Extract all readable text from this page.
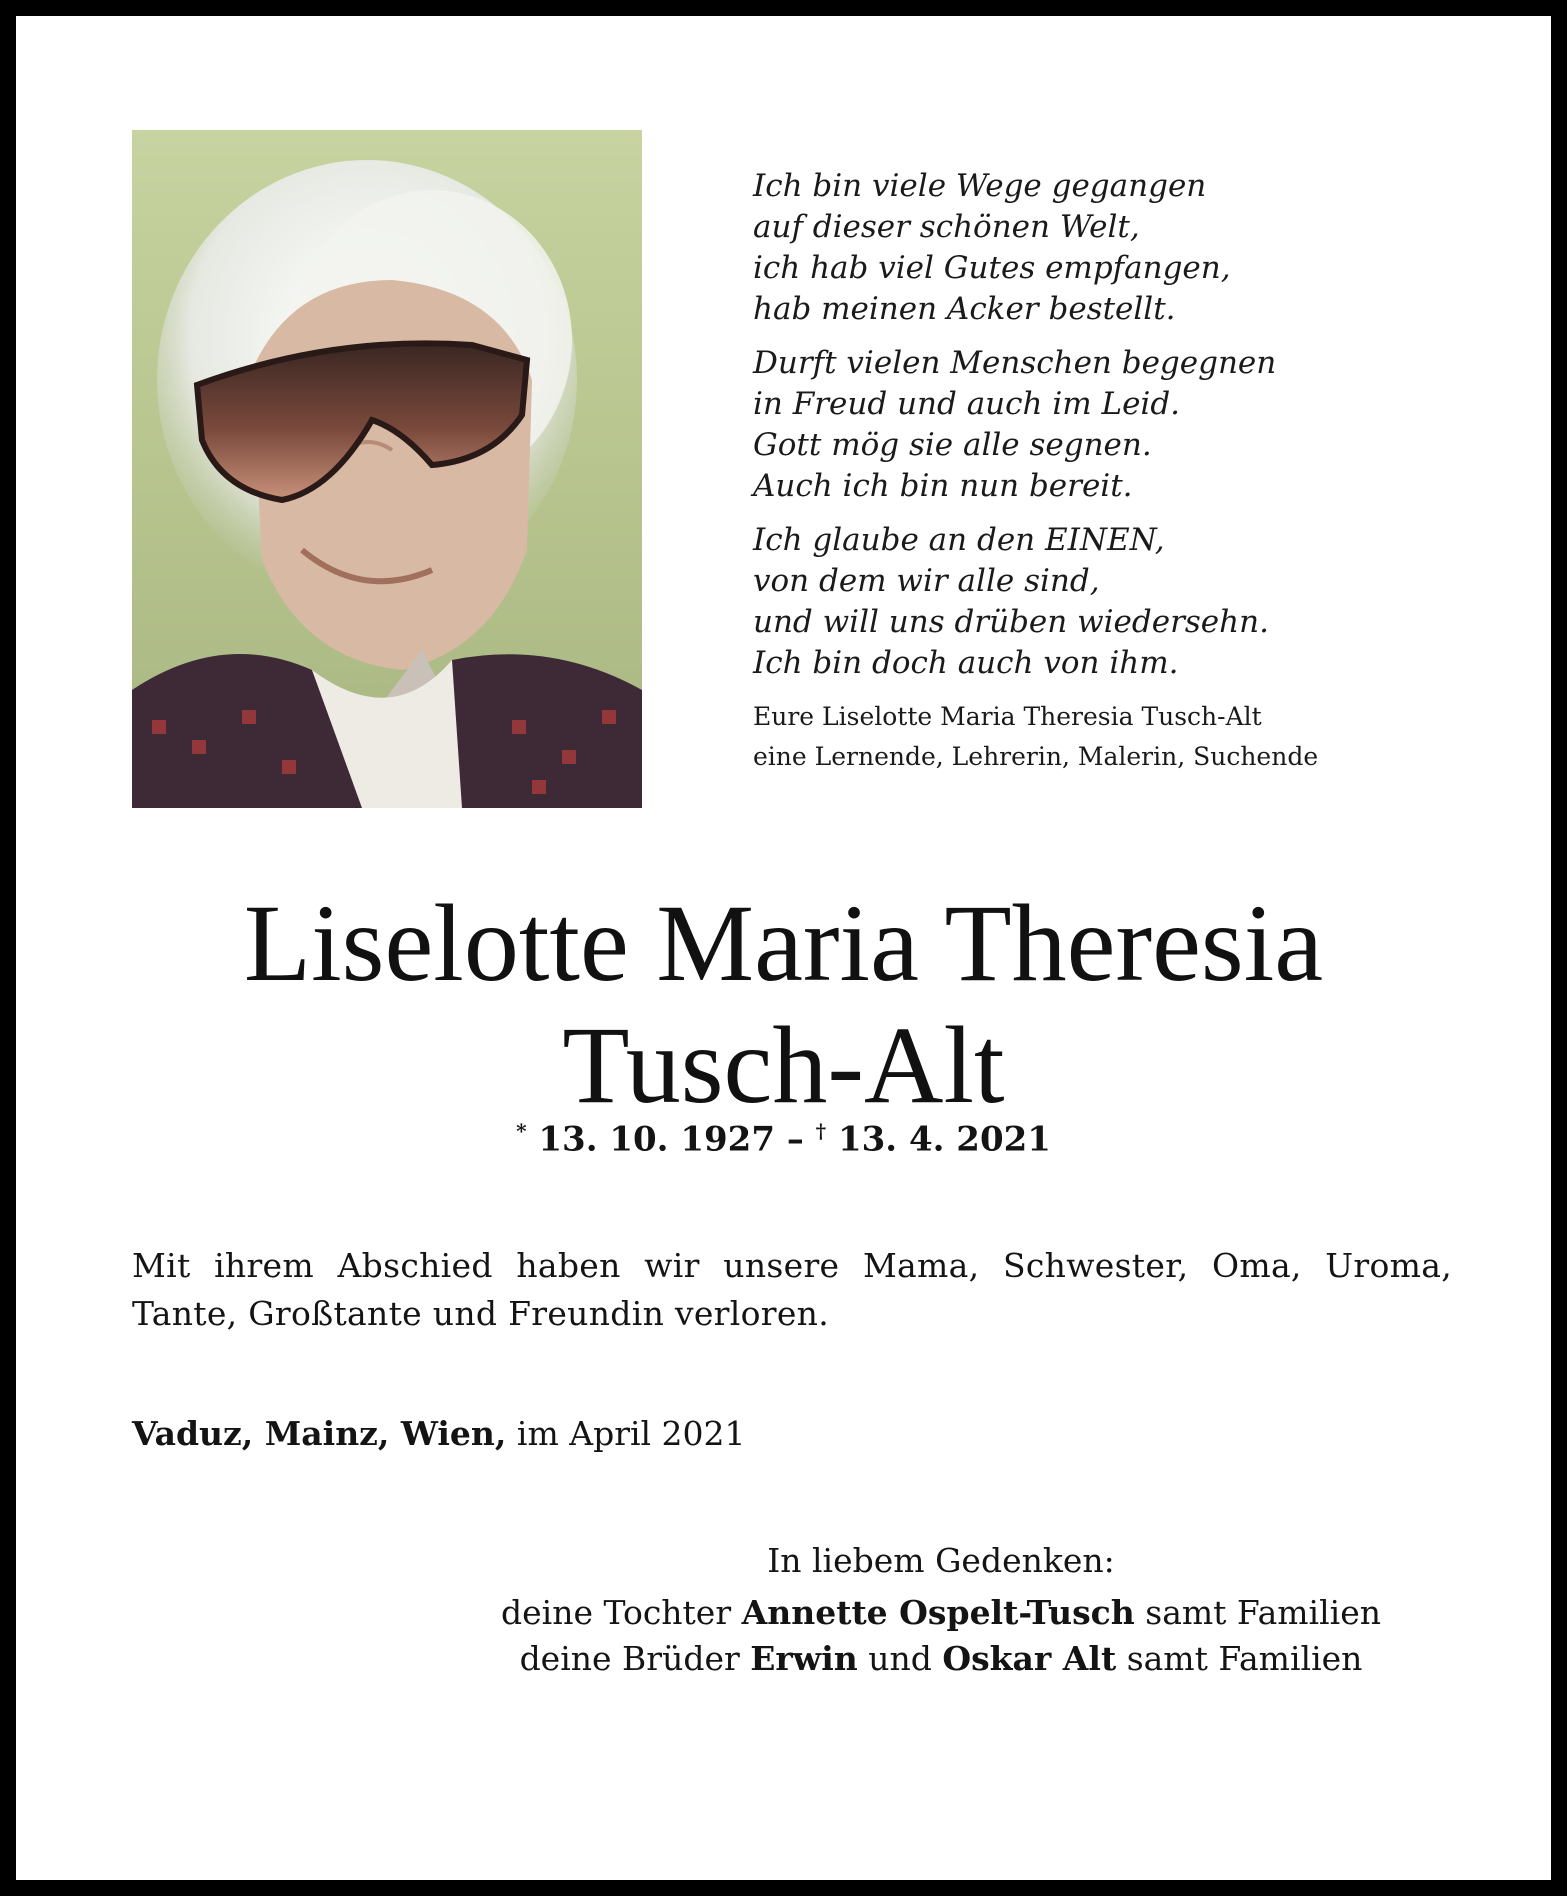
Ich bin viele Wege gegangen

auf dieser schönen Welt,

ich hab viel Gutes empfangen,

hab meinen Acker bestellt.

Durft vielen Menschen begegnen

in Freud und auch im Leid.

Gott mög sie alle segnen.

Auch ich bin nun bereit.

Ich glaube an den EINEN,

von dem wir alle sind,

und will uns drüben wiedersehn.

Ich bin doch auch von ihm.

Eure Liselotte Maria Theresia Tusch-Alt

eine Lernende, Lehrerin, Malerin, Suchende

Liselotte Maria Theresia

Tusch-Alt

* 13. 10. 1927 – † 13. 4. 2021
Mit ihrem Abschied haben wir unsere Mama, Schwester, Oma, Uroma, Tante, Großtante und Freundin verloren.
Vaduz, Mainz, Wien, im April 2021

In liebem Gedenken:

deine Tochter Annette Ospelt-Tusch samt Familien

deine Brüder Erwin und Oskar Alt samt Familien
